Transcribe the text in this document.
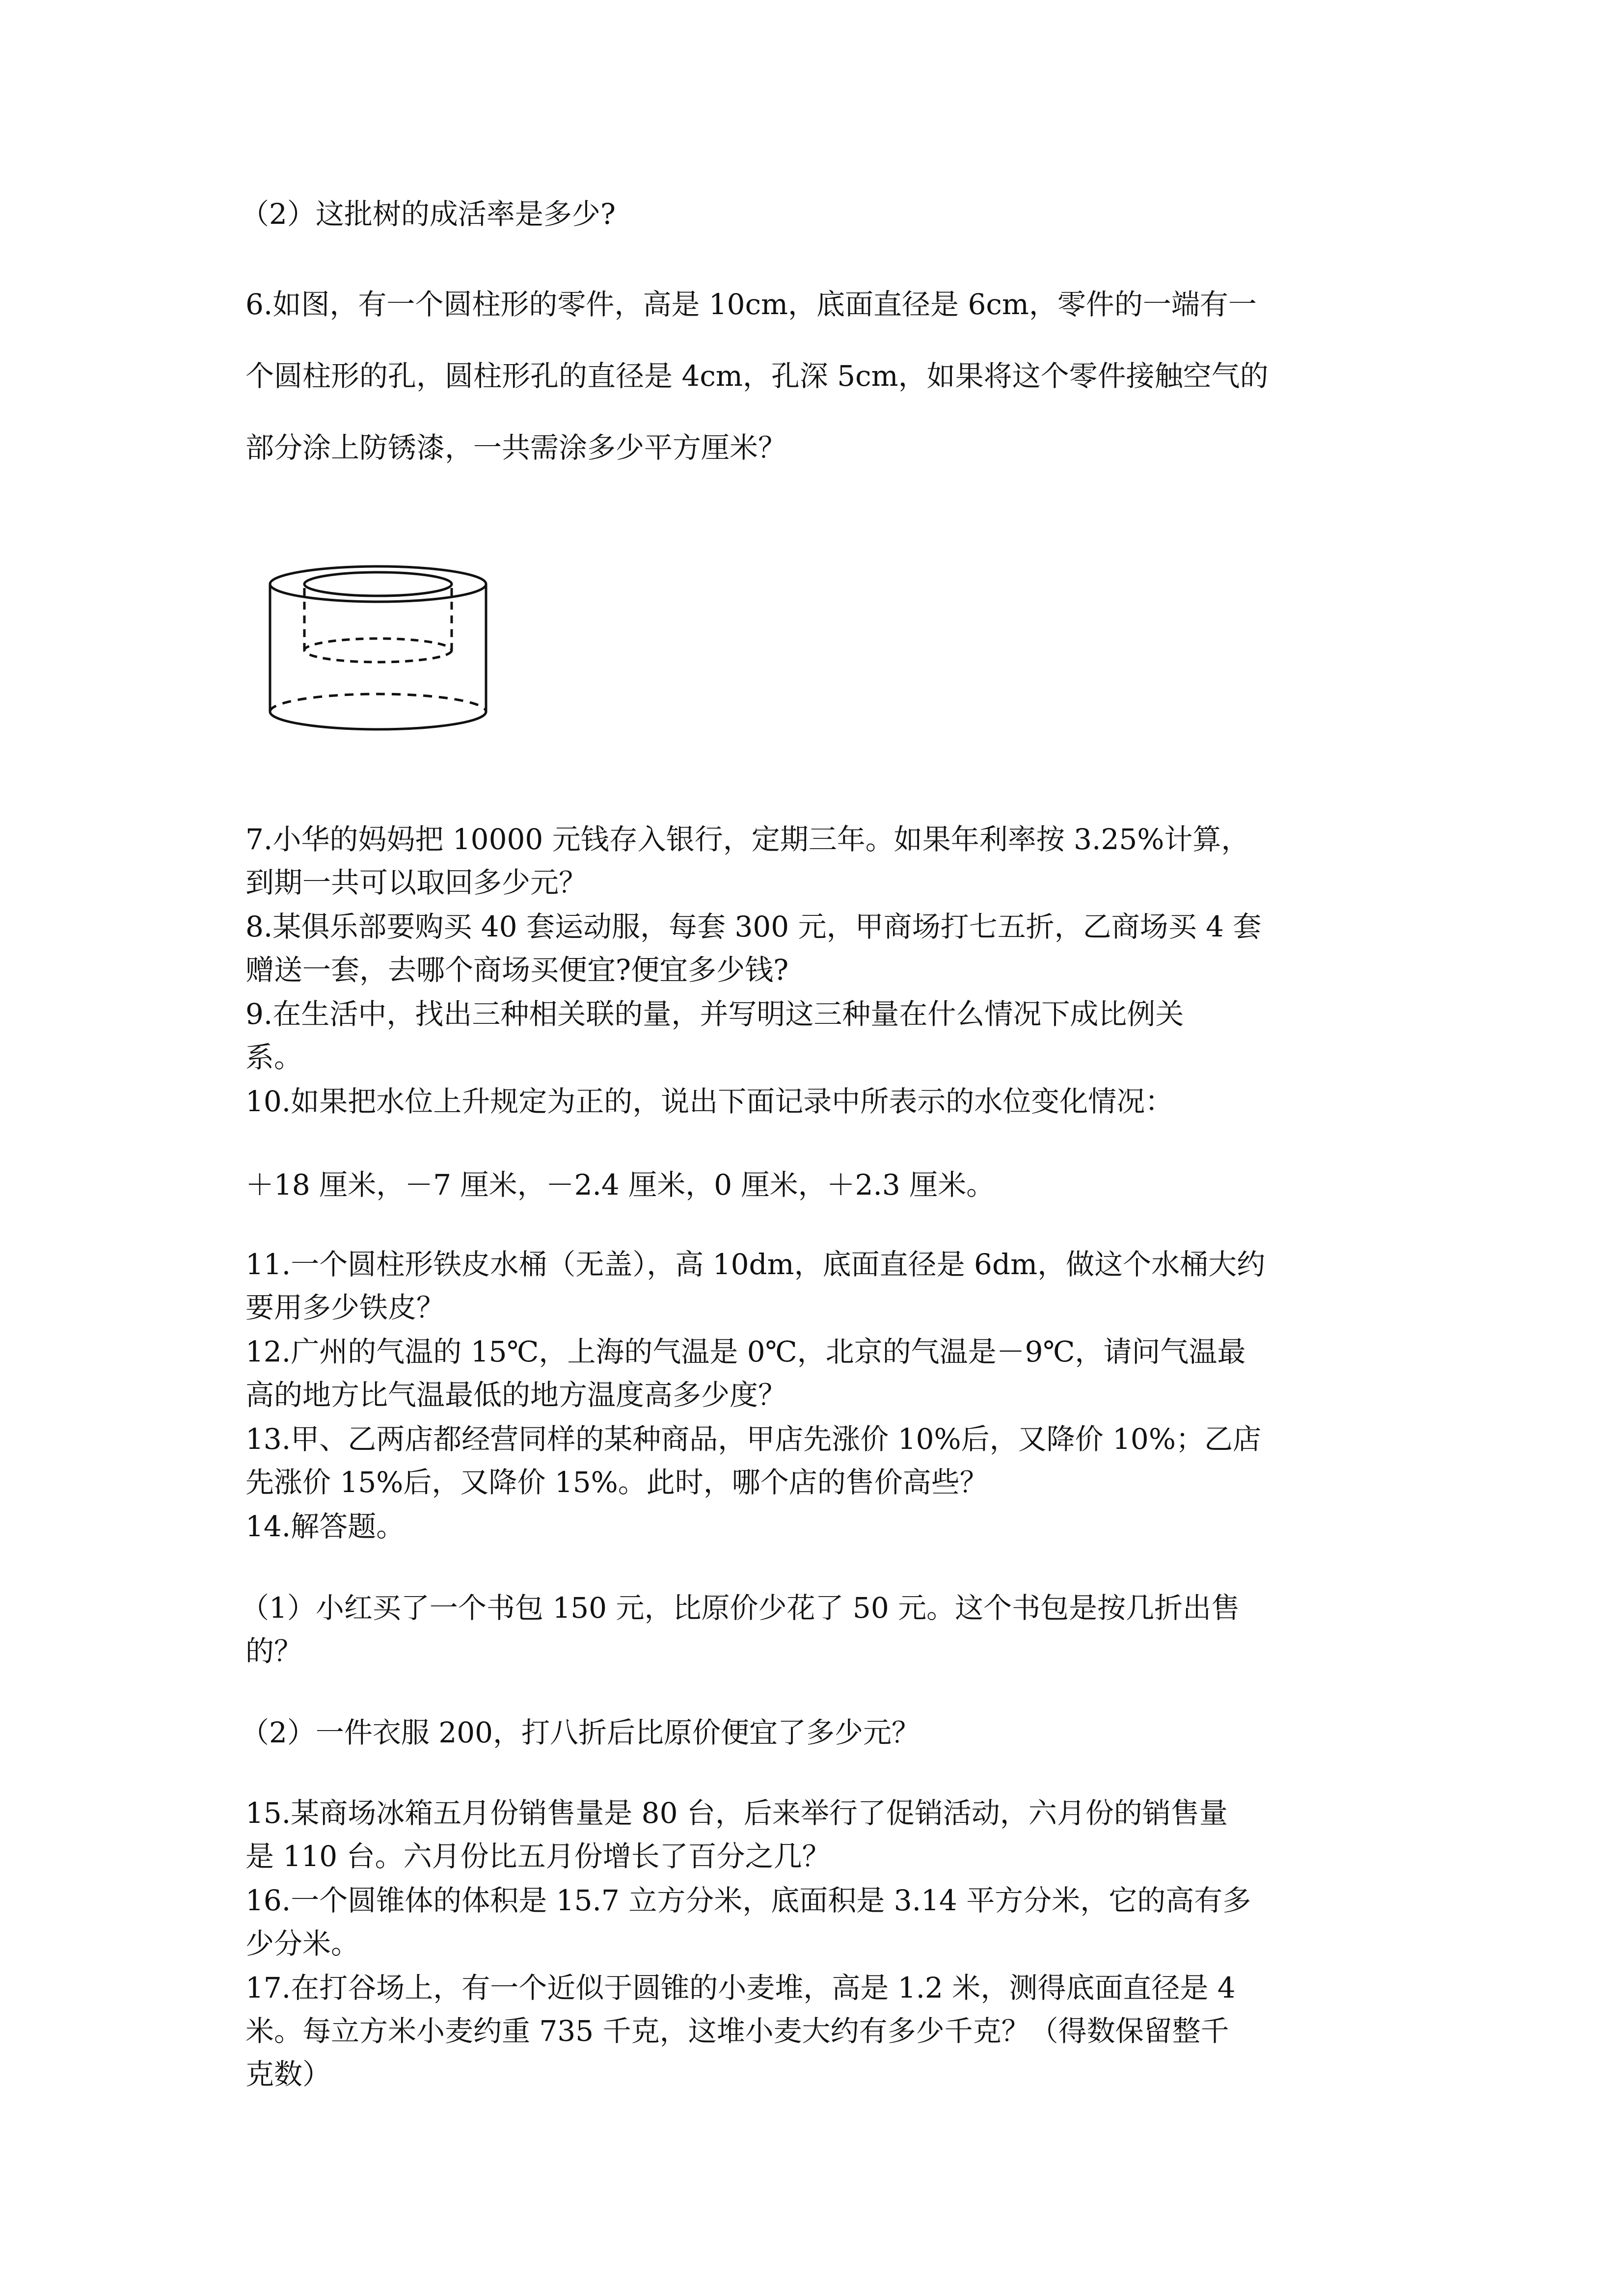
（2）这批树的成活率是多少?
6.如图，有一个圆柱形的零件，高是 10cm，底面直径是 6cm，零件的一端有一
个圆柱形的孔，圆柱形孔的直径是 4cm，孔深 5cm，如果将这个零件接触空气的
部分涂上防锈漆，一共需涂多少平方厘米？
7.小华的妈妈把 10000 元钱存入银行，定期三年。如果年利率按 3.25%计算，
到期一共可以取回多少元？
8.某俱乐部要购买 40 套运动服，每套 300 元，甲商场打七五折，乙商场买 4 套
赠送一套，去哪个商场买便宜?便宜多少钱?
9.在生活中，找出三种相关联的量，并写明这三种量在什么情况下成比例关
系。
10.如果把水位上升规定为正的，说出下面记录中所表示的水位变化情况：
＋18 厘米，－7 厘米，－2.4 厘米，0 厘米，＋2.3 厘米。
11.一个圆柱形铁皮水桶（无盖），高 10dm，底面直径是 6dm，做这个水桶大约
要用多少铁皮？
12.广州的气温的 15℃，上海的气温是 0℃，北京的气温是－9℃，请问气温最
高的地方比气温最低的地方温度高多少度？
13.甲、乙两店都经营同样的某种商品，甲店先涨价 10%后，又降价 10%；乙店
先涨价 15%后，又降价 15%。此时，哪个店的售价高些？
14.解答题。
（1）小红买了一个书包 150 元，比原价少花了 50 元。这个书包是按几折出售
的？
（2）一件衣服 200，打八折后比原价便宜了多少元？
15.某商场冰箱五月份销售量是 80 台，后来举行了促销活动，六月份的销售量
是 110 台。六月份比五月份增长了百分之几？
16.一个圆锥体的体积是 15.7 立方分米，底面积是 3.14 平方分米，它的高有多
少分米。
17.在打谷场上，有一个近似于圆锥的小麦堆，高是 1.2 米，测得底面直径是 4
米。每立方米小麦约重 735 千克，这堆小麦大约有多少千克？（得数保留整千
克数）
